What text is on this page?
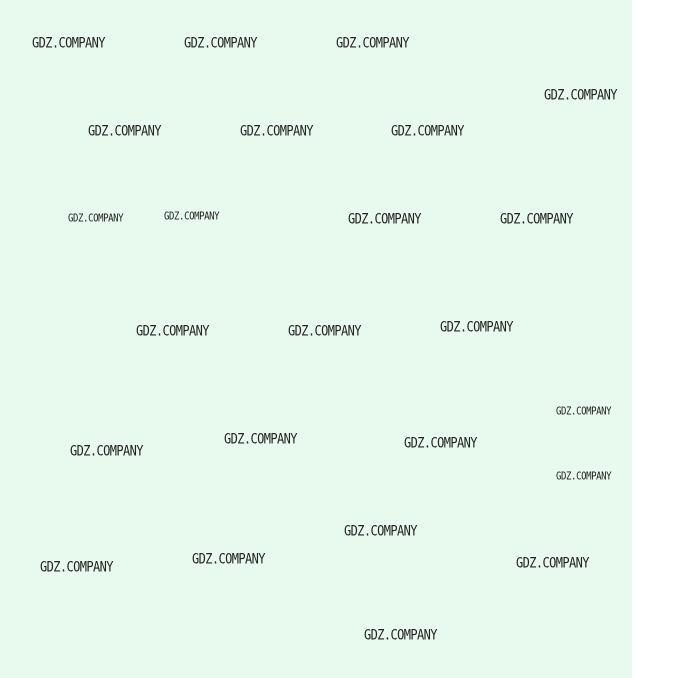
GDZ.COMPANY	GDZ.COMPANY	GDZ.COMPANY
GDZ.COMPANY
GDZ.COMPANY	GDZ.COMPANY	GDZ.COMPANY
GDZ.COMPANY	GDZ.COMPANY	GDZ.COMPANY	GDZ.COMPANY
GDZ.COMPANY	GDZ.COMPANY	GDZ.COMPANY
GDZ.COMPANY
GDZ.COMPANY	GDZ.COMPANY
GDZ.COMPANY
GDZ.COMPANY
GDZ.COMPANY
GDZ.COMPANY	GDZ.COMPANY	GDZ.COMPANY
GDZ.COMPANY
